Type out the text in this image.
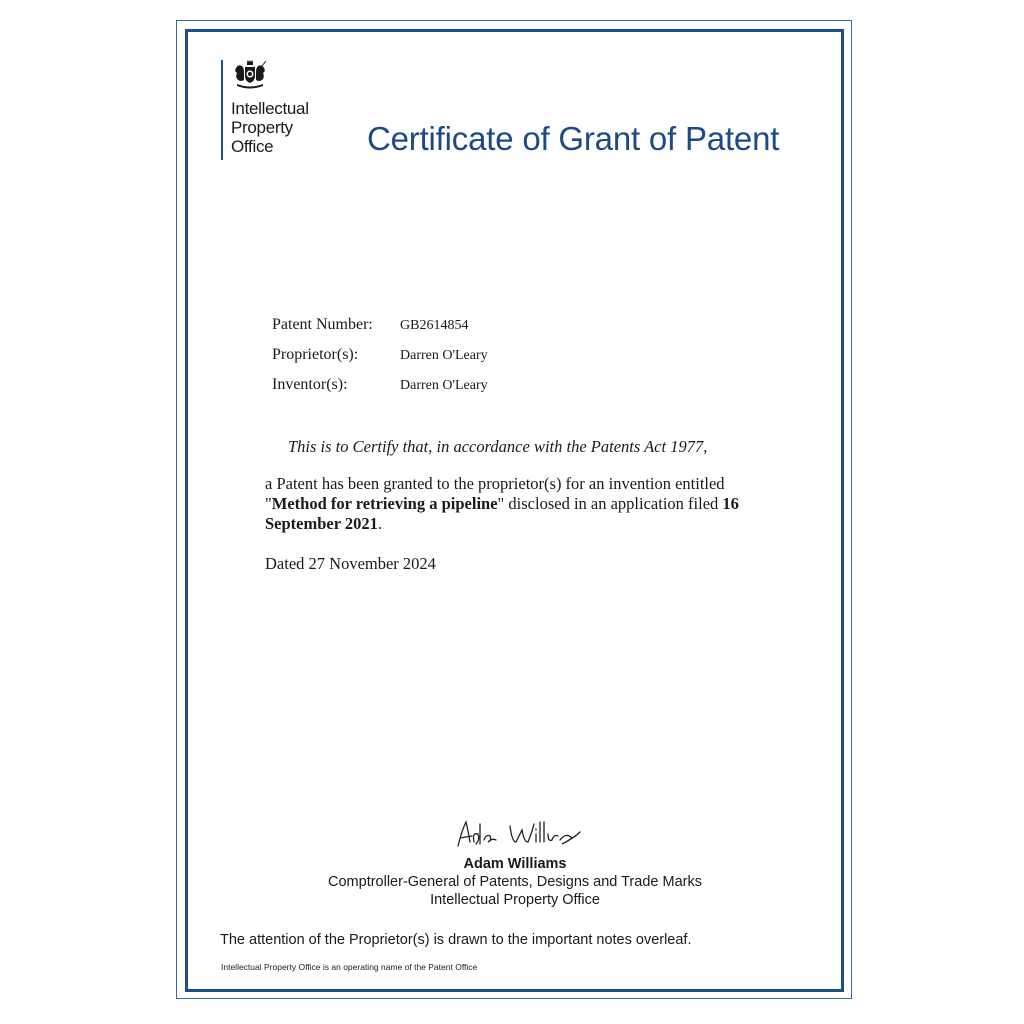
Intellectual
Property
Office	Certificate of Grant of Patent
Patent Number:	GB2614854
Proprietor(s):	Darren O'Leary
Inventor(s):	Darren O'Leary
This is to Certify that, in accordance with the Patents Act 1977,
a Patent has been granted to the proprietor(s) for an invention entitled
"Method for retrieving a pipeline" disclosed in an application filed 16 September 2021.
Dated 27 November 2024
Adam Williams
Comptroller-General of Patents, Designs and Trade Marks
Intellectual Property Office
The attention of the Proprietor(s) is drawn to the important notes overleaf.
Intellectual Property Office is an operating name of the Patent Office
